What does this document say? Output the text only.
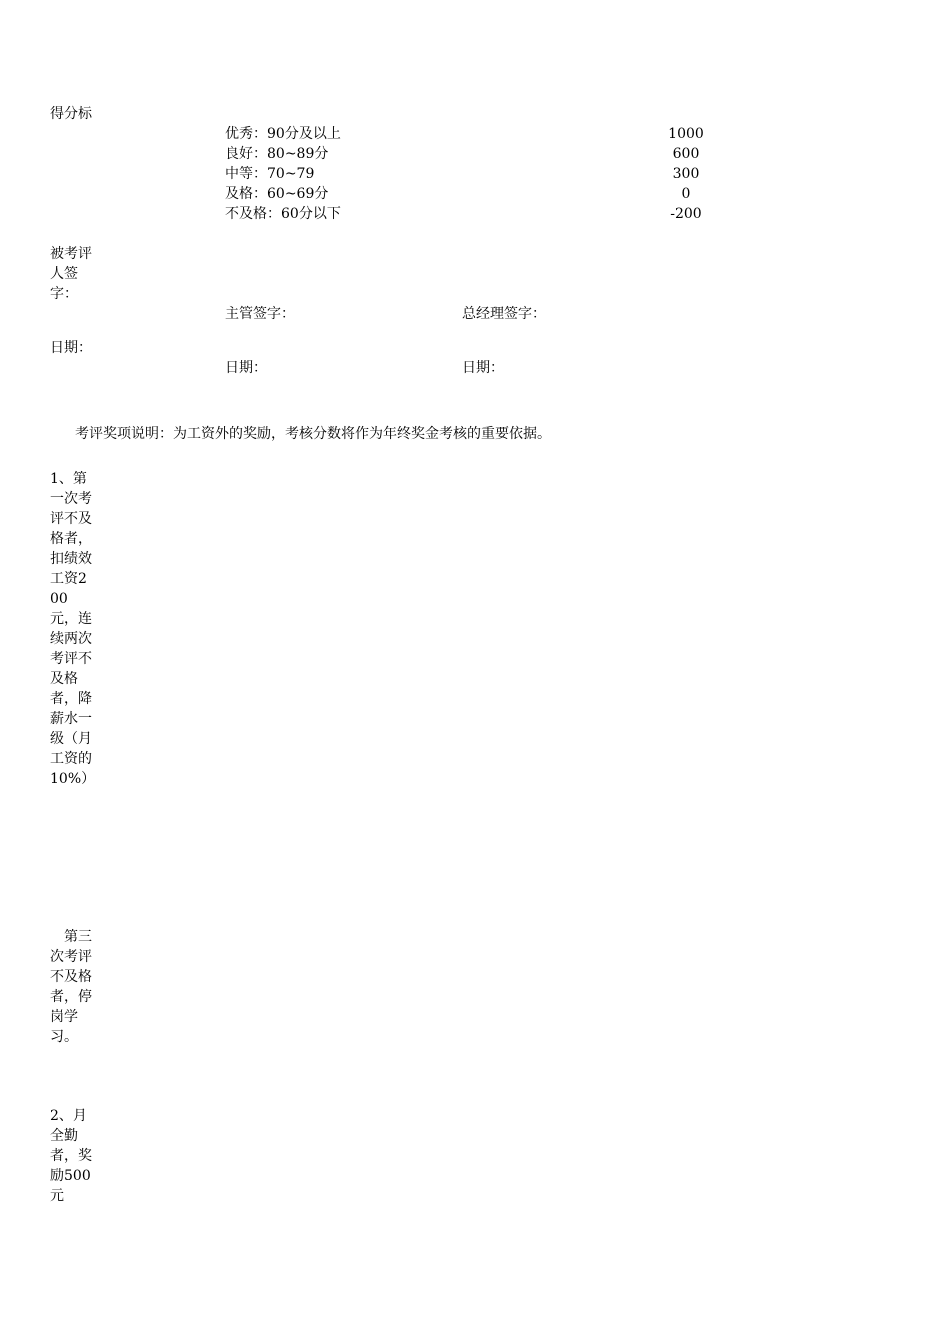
得分标
优秀：90分及以上	1000
良好：80~89分	600
中等：70~79	300
及格：60~69分	0
不及格：60分以下	-200
被考评人签字：
主管签字：	总经理签字：
日期：
日期：	日期：
考评奖项说明：为工资外的奖励，考核分数将作为年终奖金考核的重要依据。
1、第一次考评不及格者，扣绩效工资200元，连续两次考评不及格者，降薪水一级（月工资的10%）
　第三次考评不及格者，停岗学习。
2、月全勤者，奖励500元
